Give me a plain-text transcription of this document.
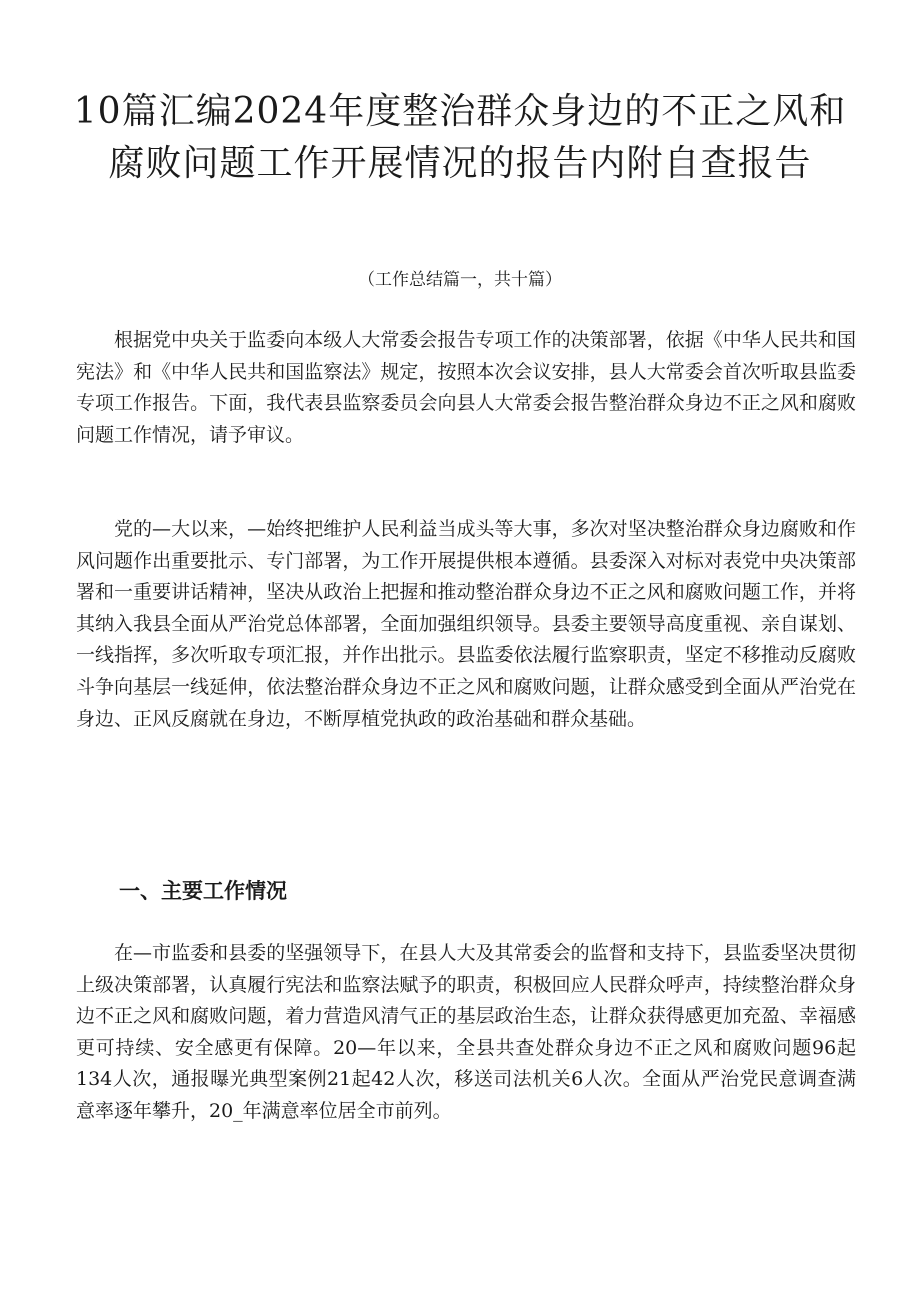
10篇汇编2024年度整治群众身边的不正之风和腐败问题工作开展情况的报告内附自查报告

（工作总结篇一，共十篇）

根据党中央关于监委向本级人大常委会报告专项工作的决策部署，依据《中华人民共和国宪法》和《中华人民共和国监察法》规定，按照本次会议安排，县人大常委会首次听取县监委专项工作报告。下面，我代表县监察委员会向县人大常委会报告整治群众身边不正之风和腐败问题工作情况，请予审议。

党的—大以来，—始终把维护人民利益当成头等大事，多次对坚决整治群众身边腐败和作风问题作出重要批示、专门部署，为工作开展提供根本遵循。县委深入对标对表党中央决策部署和一重要讲话精神，坚决从政治上把握和推动整治群众身边不正之风和腐败问题工作，并将其纳入我县全面从严治党总体部署，全面加强组织领导。县委主要领导高度重视、亲自谋划、一线指挥，多次听取专项汇报，并作出批示。县监委依法履行监察职责，坚定不移推动反腐败斗争向基层一线延伸，依法整治群众身边不正之风和腐败问题，让群众感受到全面从严治党在身边、正风反腐就在身边，不断厚植党执政的政治基础和群众基础。

一、主要工作情况

在—市监委和县委的坚强领导下，在县人大及其常委会的监督和支持下，县监委坚决贯彻上级决策部署，认真履行宪法和监察法赋予的职责，积极回应人民群众呼声，持续整治群众身边不正之风和腐败问题，着力营造风清气正的基层政治生态，让群众获得感更加充盈、幸福感更可持续、安全感更有保障。20—年以来，全县共查处群众身边不正之风和腐败问题96起134人次，通报曝光典型案例21起42人次，移送司法机关6人次。全面从严治党民意调查满意率逐年攀升，20_年满意率位居全市前列。
